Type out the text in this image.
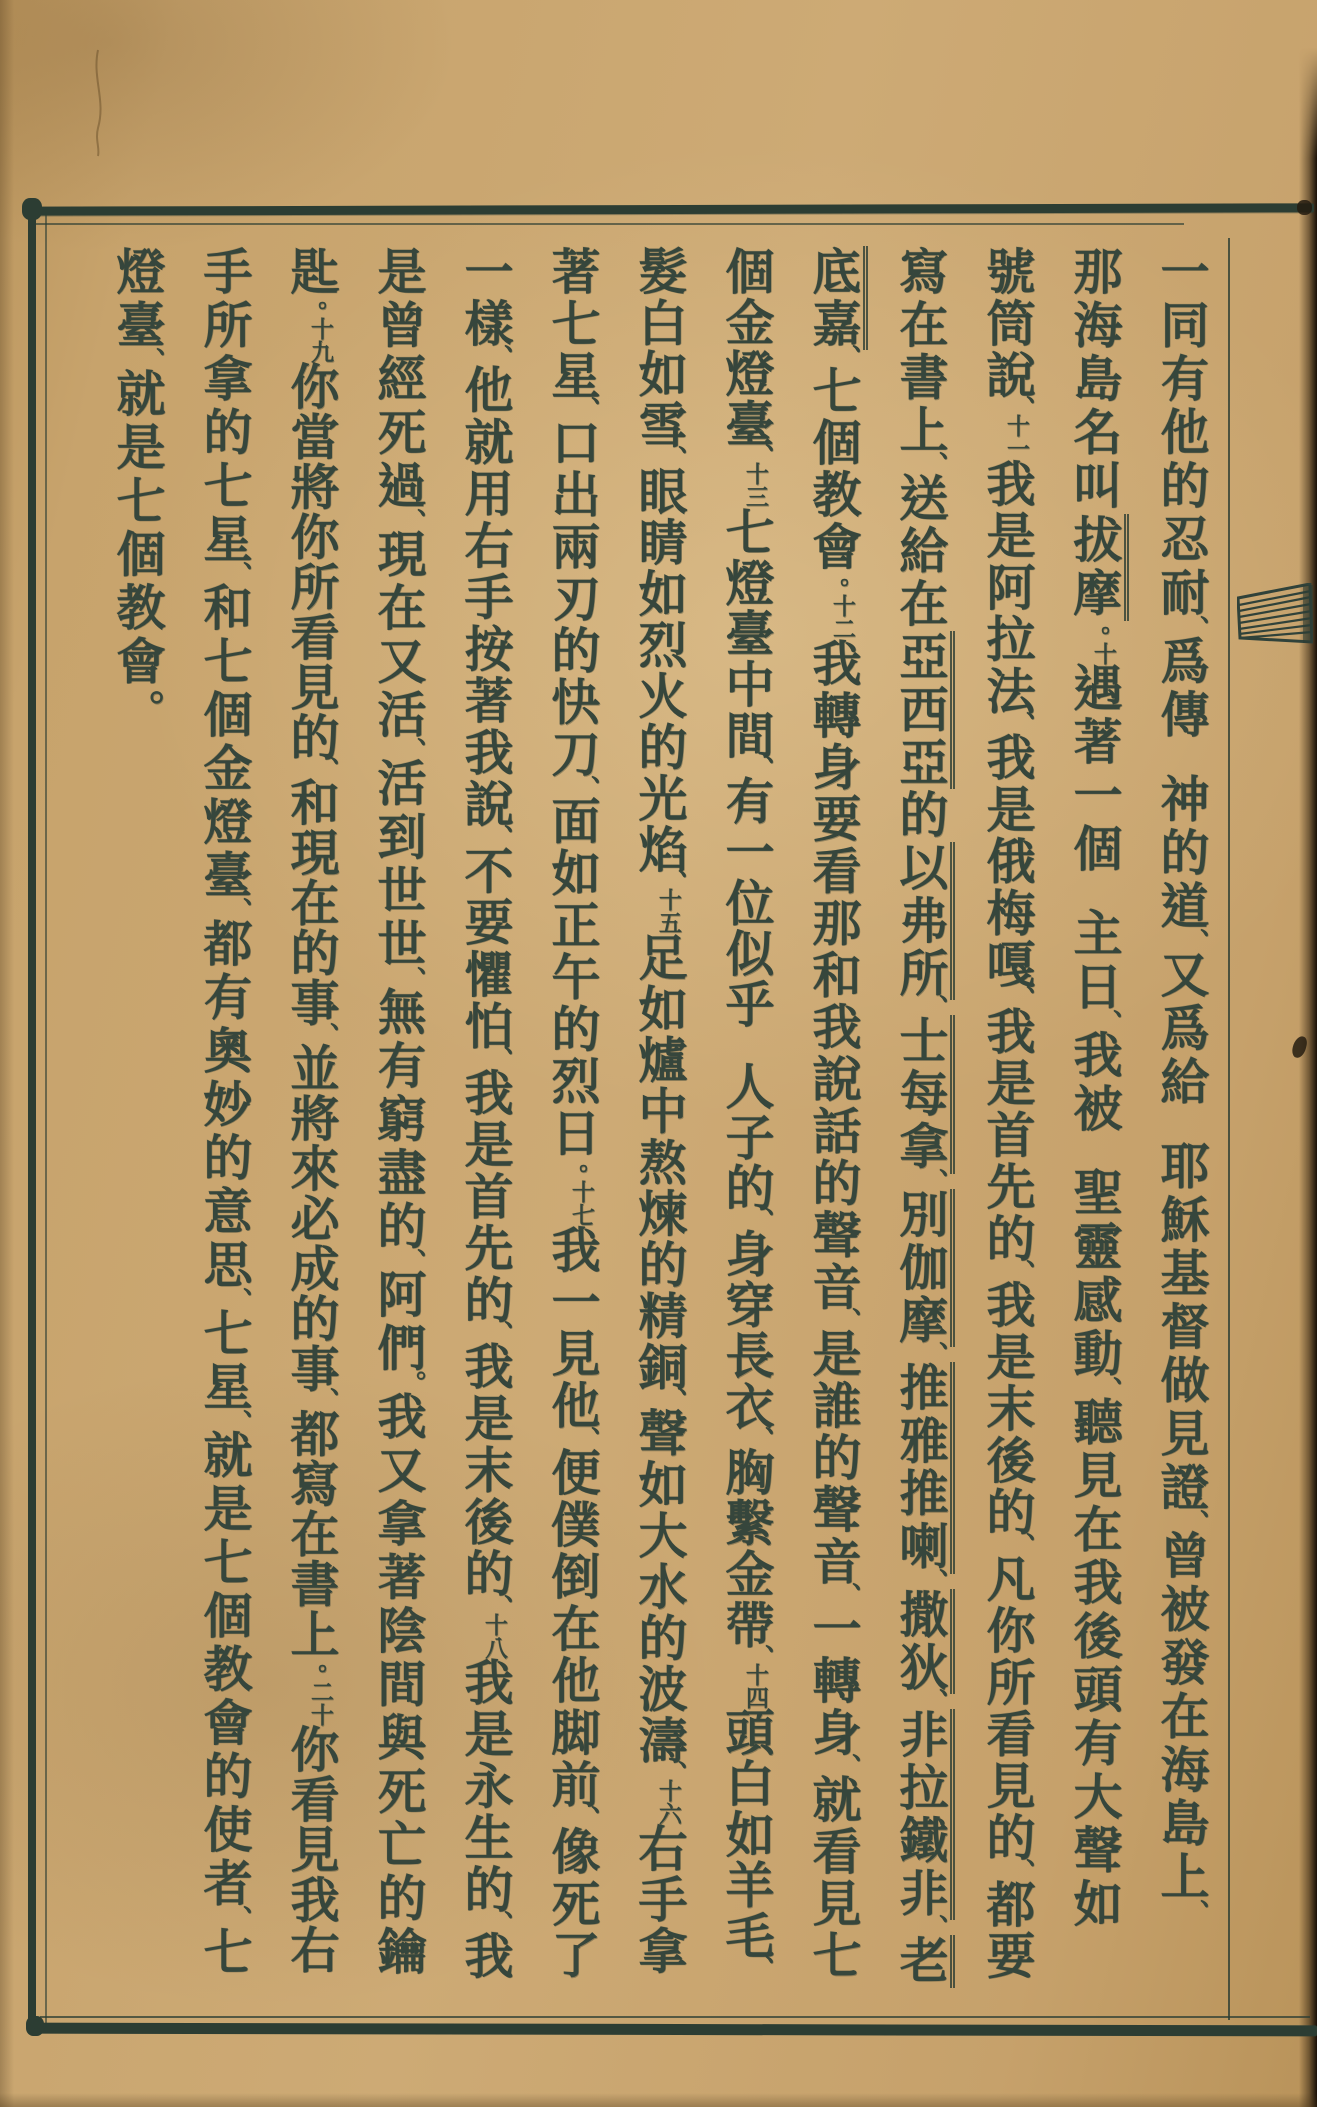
一同有他的忍耐、爲傳神的道、又爲給耶穌基督做見證、曾被發在海島上、
那海島名叫拔摩。十遇著一個主日、我被聖靈感動、聽見在我後頭有大聲如
號筒說、十一我是阿拉法、我是俄梅嘎、我是首先的、我是末後的、凡你所看見的、都要
寫在書上、送給在亞西亞的以弗所、士每拿、別伽摩、推雅推喇、撒狄、非拉鐵非、老
底嘉、七個教會。十二我轉身要看那和我說話的聲音、是誰的聲音、一轉身、就看見七
個金燈臺、十三七燈臺中間、有一位似乎人子的、身穿長衣、胸繫金帶、十四頭白如羊毛、
髮白如雪、眼睛如烈火的光焰、十五足如爐中熬煉的精銅、聲如大水的波濤、十六右手拿
著七星、口出兩刃的快刀、面如正午的烈日。十七我一見他、便僕倒在他脚前、像死了
一樣、他就用右手按著我說、不要懼怕、我是首先的、我是末後的、十八我是永生的、我
是曾經死過、現在又活、活到世世、無有窮盡的、阿們。我又拿著陰間與死亡的鑰
匙。十九你當將你所看見的、和現在的事、並將來必成的事、都寫在書上。二十你看見我右
手所拿的七星、和七個金燈臺、都有奧妙的意思、七星、就是七個教會的使者、七
燈臺、就是七個教會。
